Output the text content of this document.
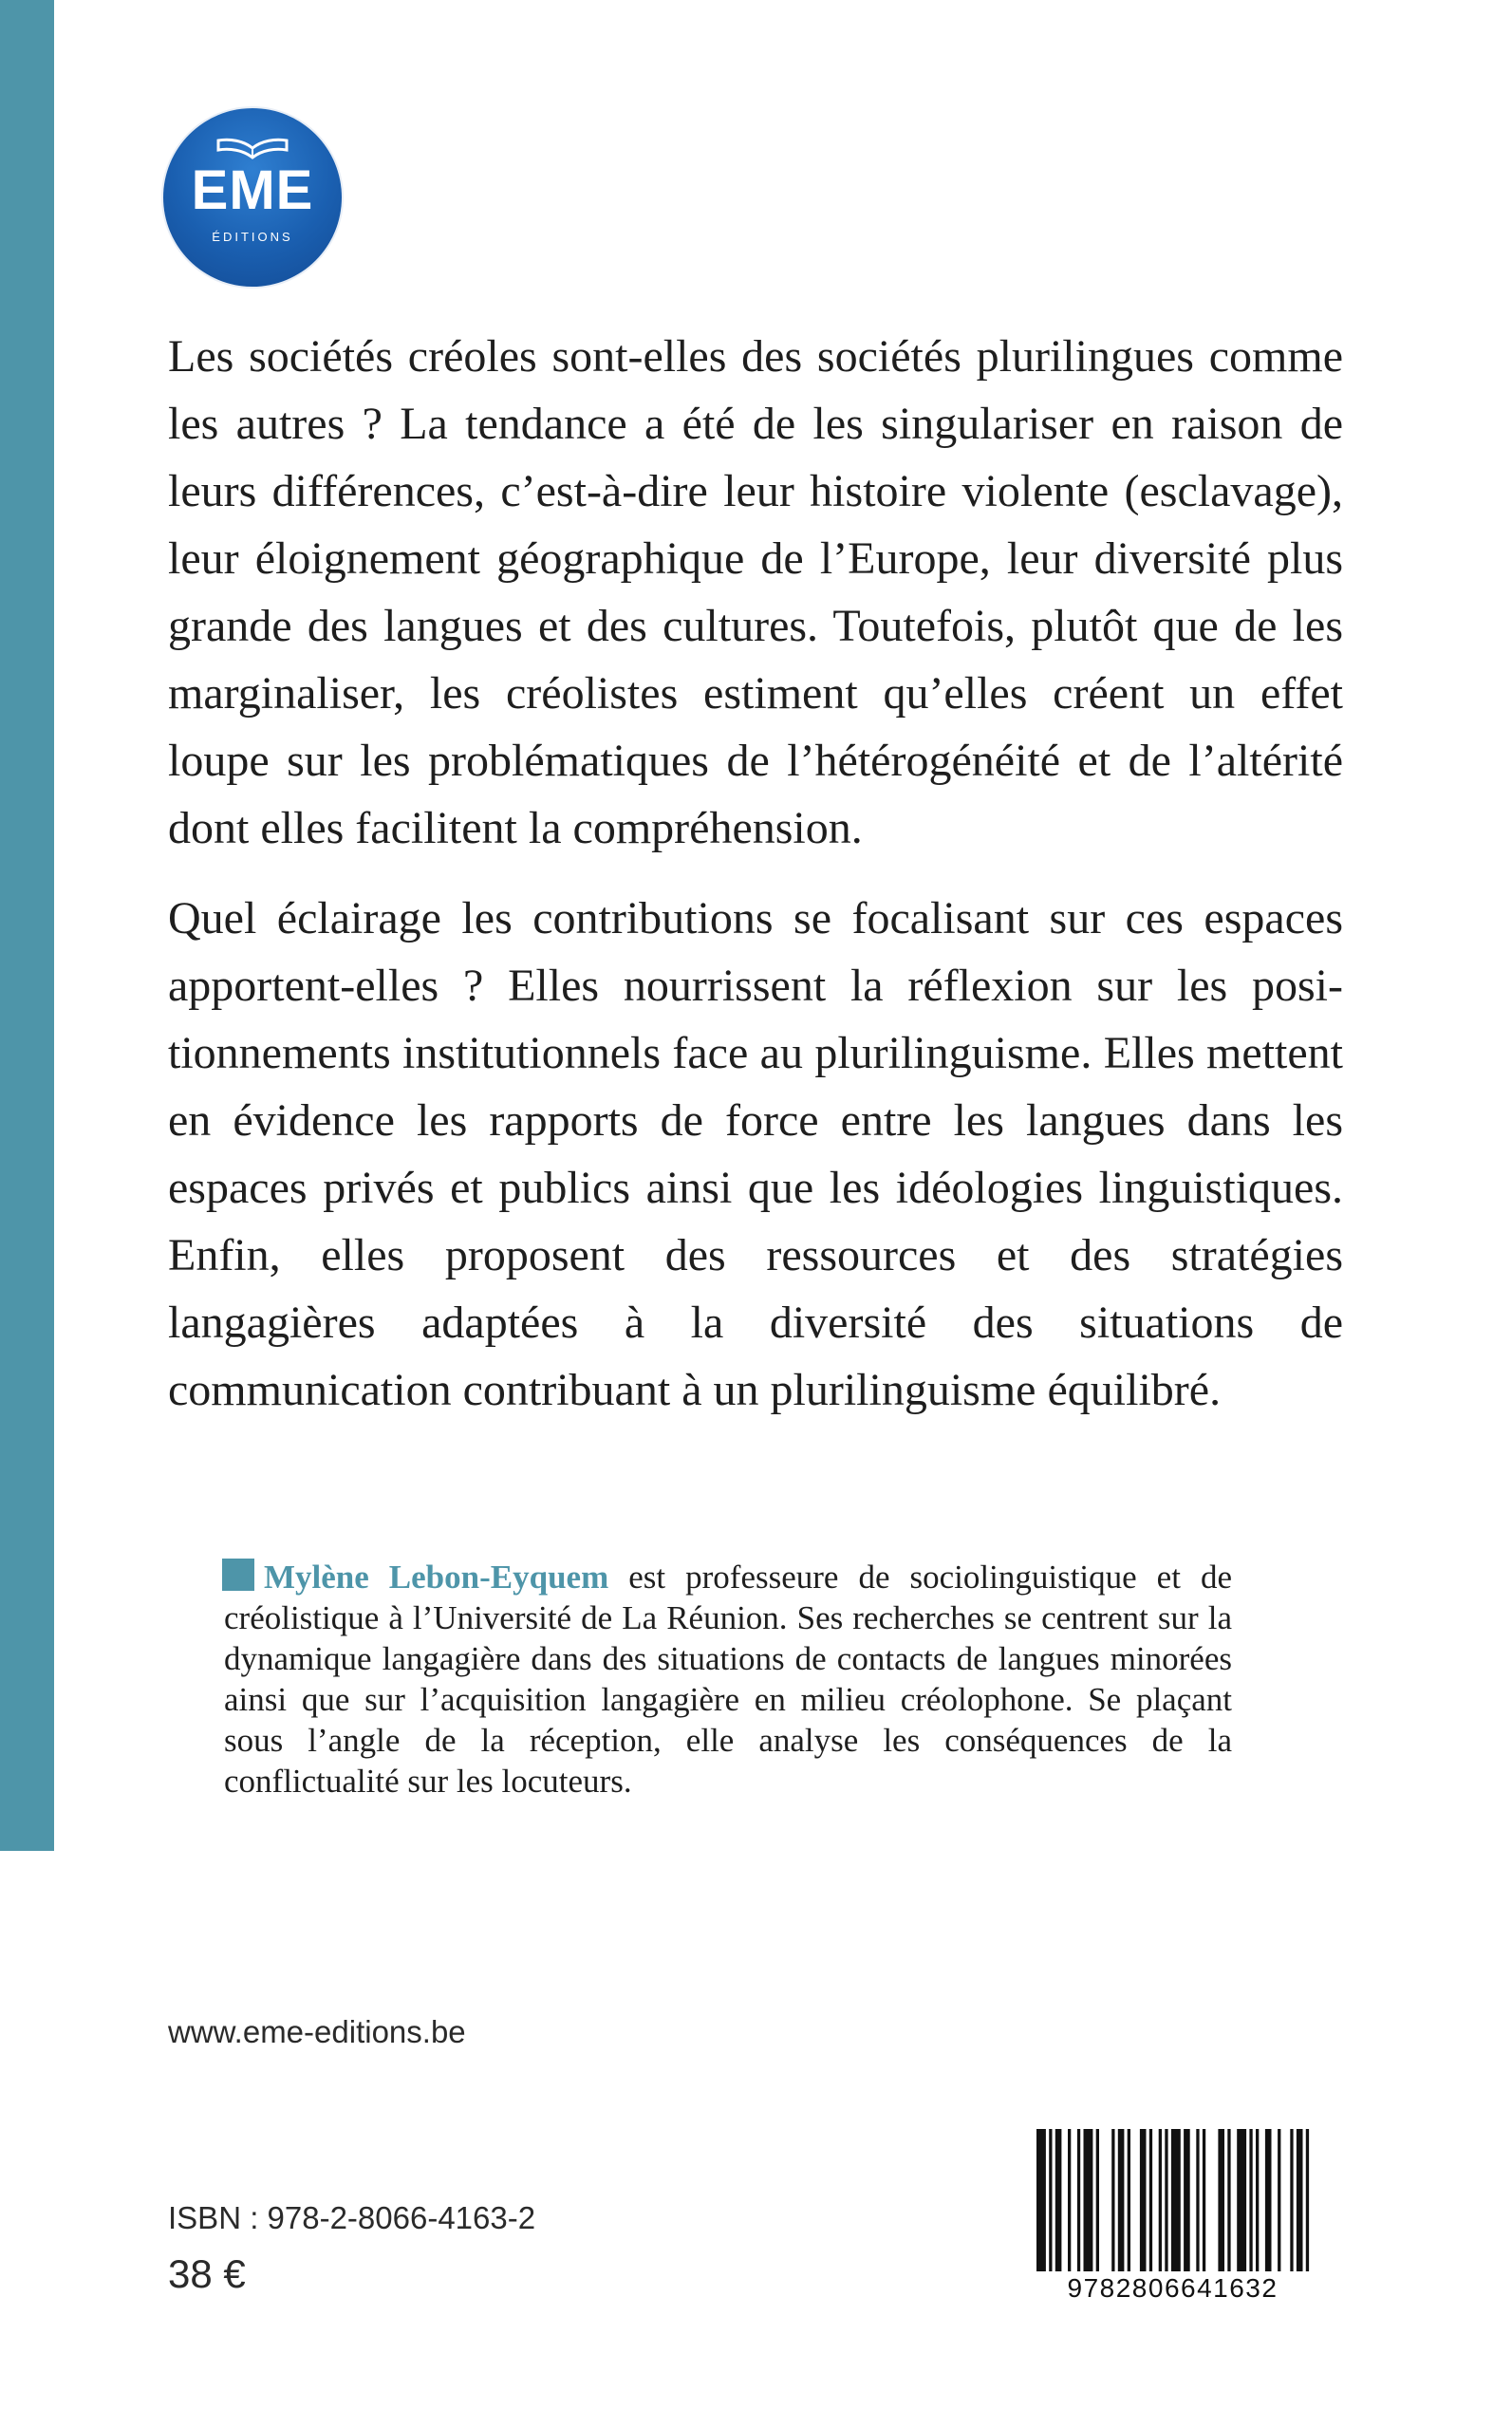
EME
ÉDITIONS

Les sociétés créoles sont-elles des sociétés plurilingues comme les autres ? La tendance a été de les singulariser en raison de leurs différences, c’est-à-dire leur histoire violente (esclavage), leur éloignement géographique de l’Europe, leur diversité plus grande des langues et des cultures. Toutefois, plutôt que de les marginaliser, les créolistes estiment qu’elles créent un effet loupe sur les problématiques de l’hétérogénéité et de l’altérité dont elles facilitent la compréhension.

Quel éclairage les contributions se focalisant sur ces espaces apportent-elles ? Elles nourrissent la réflexion sur les positionnements institutionnels face au plurilinguisme. Elles mettent en évidence les rapports de force entre les langues dans les espaces privés et publics ainsi que les idéologies linguistiques. Enfin, elles proposent des ressources et des stratégies langagières adaptées à la diversité des situations de communication contribuant à un plurilinguisme équilibré.

Mylène Lebon-Eyquem est professeure de sociolinguistique et de créolistique à l’Université de La Réunion. Ses recherches se centrent sur la dynamique langagière dans des situations de contacts de langues minorées ainsi que sur l’acquisition langagière en milieu créolophone. Se plaçant sous l’angle de la réception, elle analyse les conséquences de la conflictualité sur les locuteurs.

www.eme-editions.be
ISBN : 978-2-8066-4163-2
38 €	9782806641632
